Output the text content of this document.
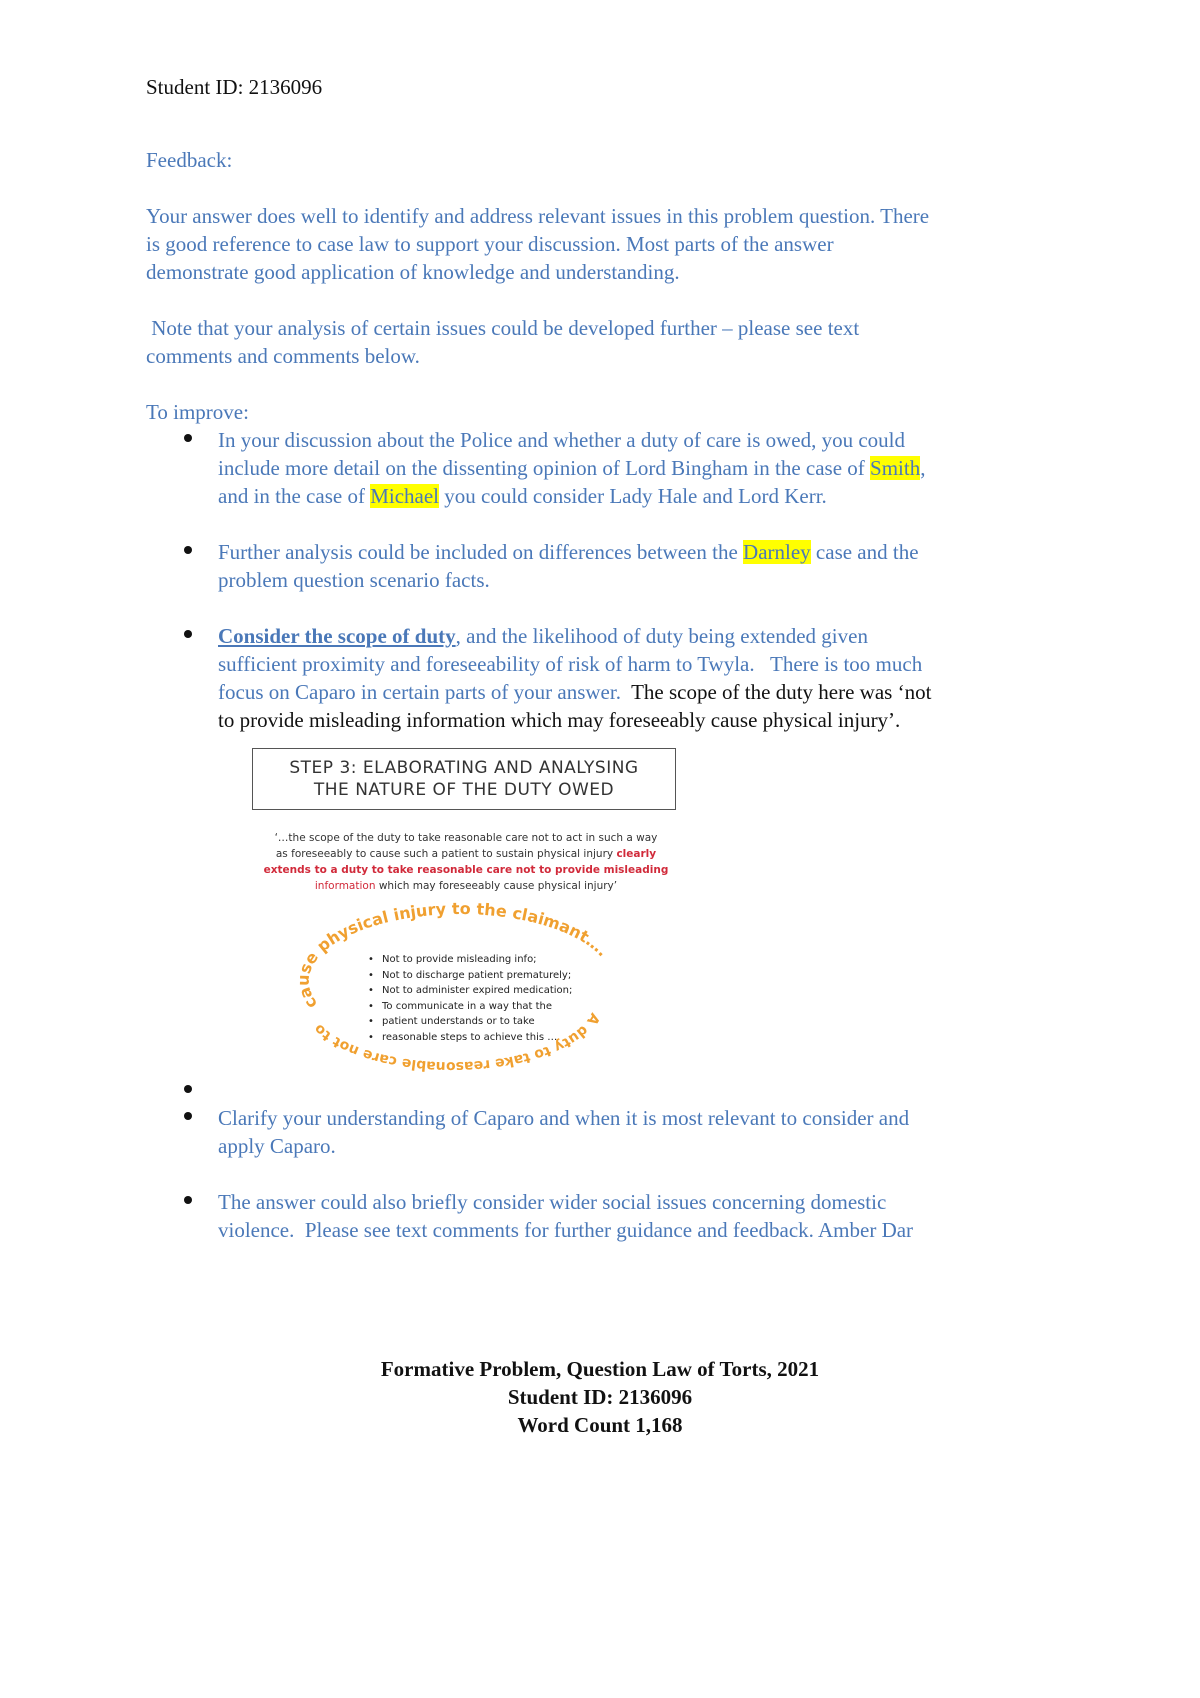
Student ID: 2136096
Feedback:
Your answer does well to identify and address relevant issues in this problem question. There
is good reference to case law to support your discussion. Most parts of the answer
demonstrate good application of knowledge and understanding.
Note that your analysis of certain issues could be developed further – please see text
comments and comments below.
To improve:
In your discussion about the Police and whether a duty of care is owed, you could
include more detail on the dissenting opinion of Lord Bingham in the case of Smith,
and in the case of Michael you could consider Lady Hale and Lord Kerr.
Further analysis could be included on differences between the Darnley case and the
problem question scenario facts.
Consider the scope of duty, and the likelihood of duty being extended given
sufficient proximity and foreseeability of risk of harm to Twyla.   There is too much
focus on Caparo in certain parts of your answer.  The scope of the duty here was ‘not
to provide misleading information which may foreseeably cause physical injury’.
STEP 3: ELABORATING AND ANALYSING
THE NATURE OF THE DUTY OWED
‘…the scope of the duty to take reasonable care not to act in such a way
as foreseeably to cause such a patient to sustain physical injury clearly
extends to a duty to take reasonable care not to provide misleading
information which may foreseeably cause physical injury’
cause physical injury to the claimant….
A duty to take reasonable care not to
• Not to provide misleading info;
• Not to discharge patient prematurely;
• Not to administer expired medication;
• To communicate in a way that the
• patient understands or to take
• reasonable steps to achieve this …
Clarify your understanding of Caparo and when it is most relevant to consider and
apply Caparo.
The answer could also briefly consider wider social issues concerning domestic
violence.  Please see text comments for further guidance and feedback. Amber Dar
Formative Problem, Question Law of Torts, 2021
Student ID: 2136096
Word Count 1,168
